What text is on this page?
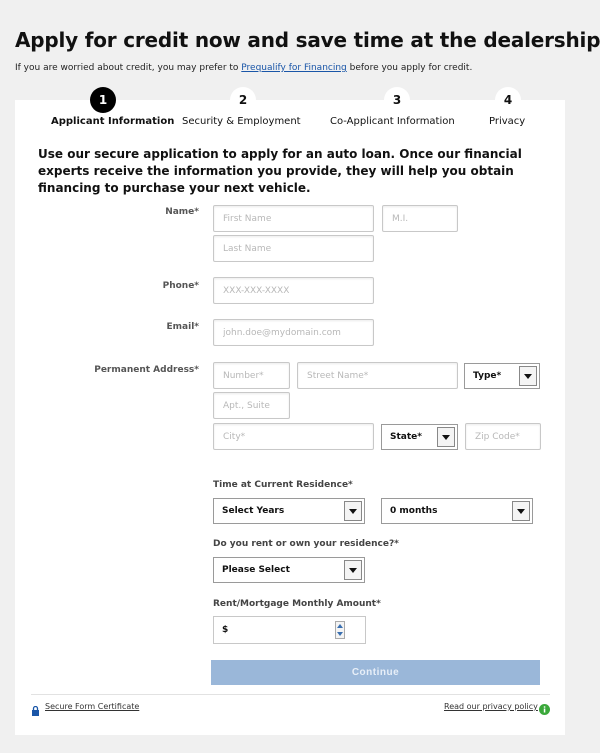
Apply for credit now and save time at the dealership
If you are worried about credit, you may prefer to Prequalify for Financing before you apply for credit.
1
Applicant Information
2
Security & Employment
3
Co-Applicant Information
4
Privacy
Use our secure application to apply for an auto loan. Once our financial experts receive the information you provide, they will help you obtain financing to purchase your next vehicle.
Name*
First Name
M.I.
Last Name
Phone*
XXX-XXX-XXXX
Email*
john.doe@mydomain.com
Permanent Address*
Number*
Street Name*
Type*
Apt., Suite
City*
State*
Zip Code*
Time at Current Residence*
Select Years	0 months
Do you rent or own your residence?*
Please Select
Rent/Mortgage Monthly Amount*
$
Continue
Secure Form Certificate	Read our privacy policy
